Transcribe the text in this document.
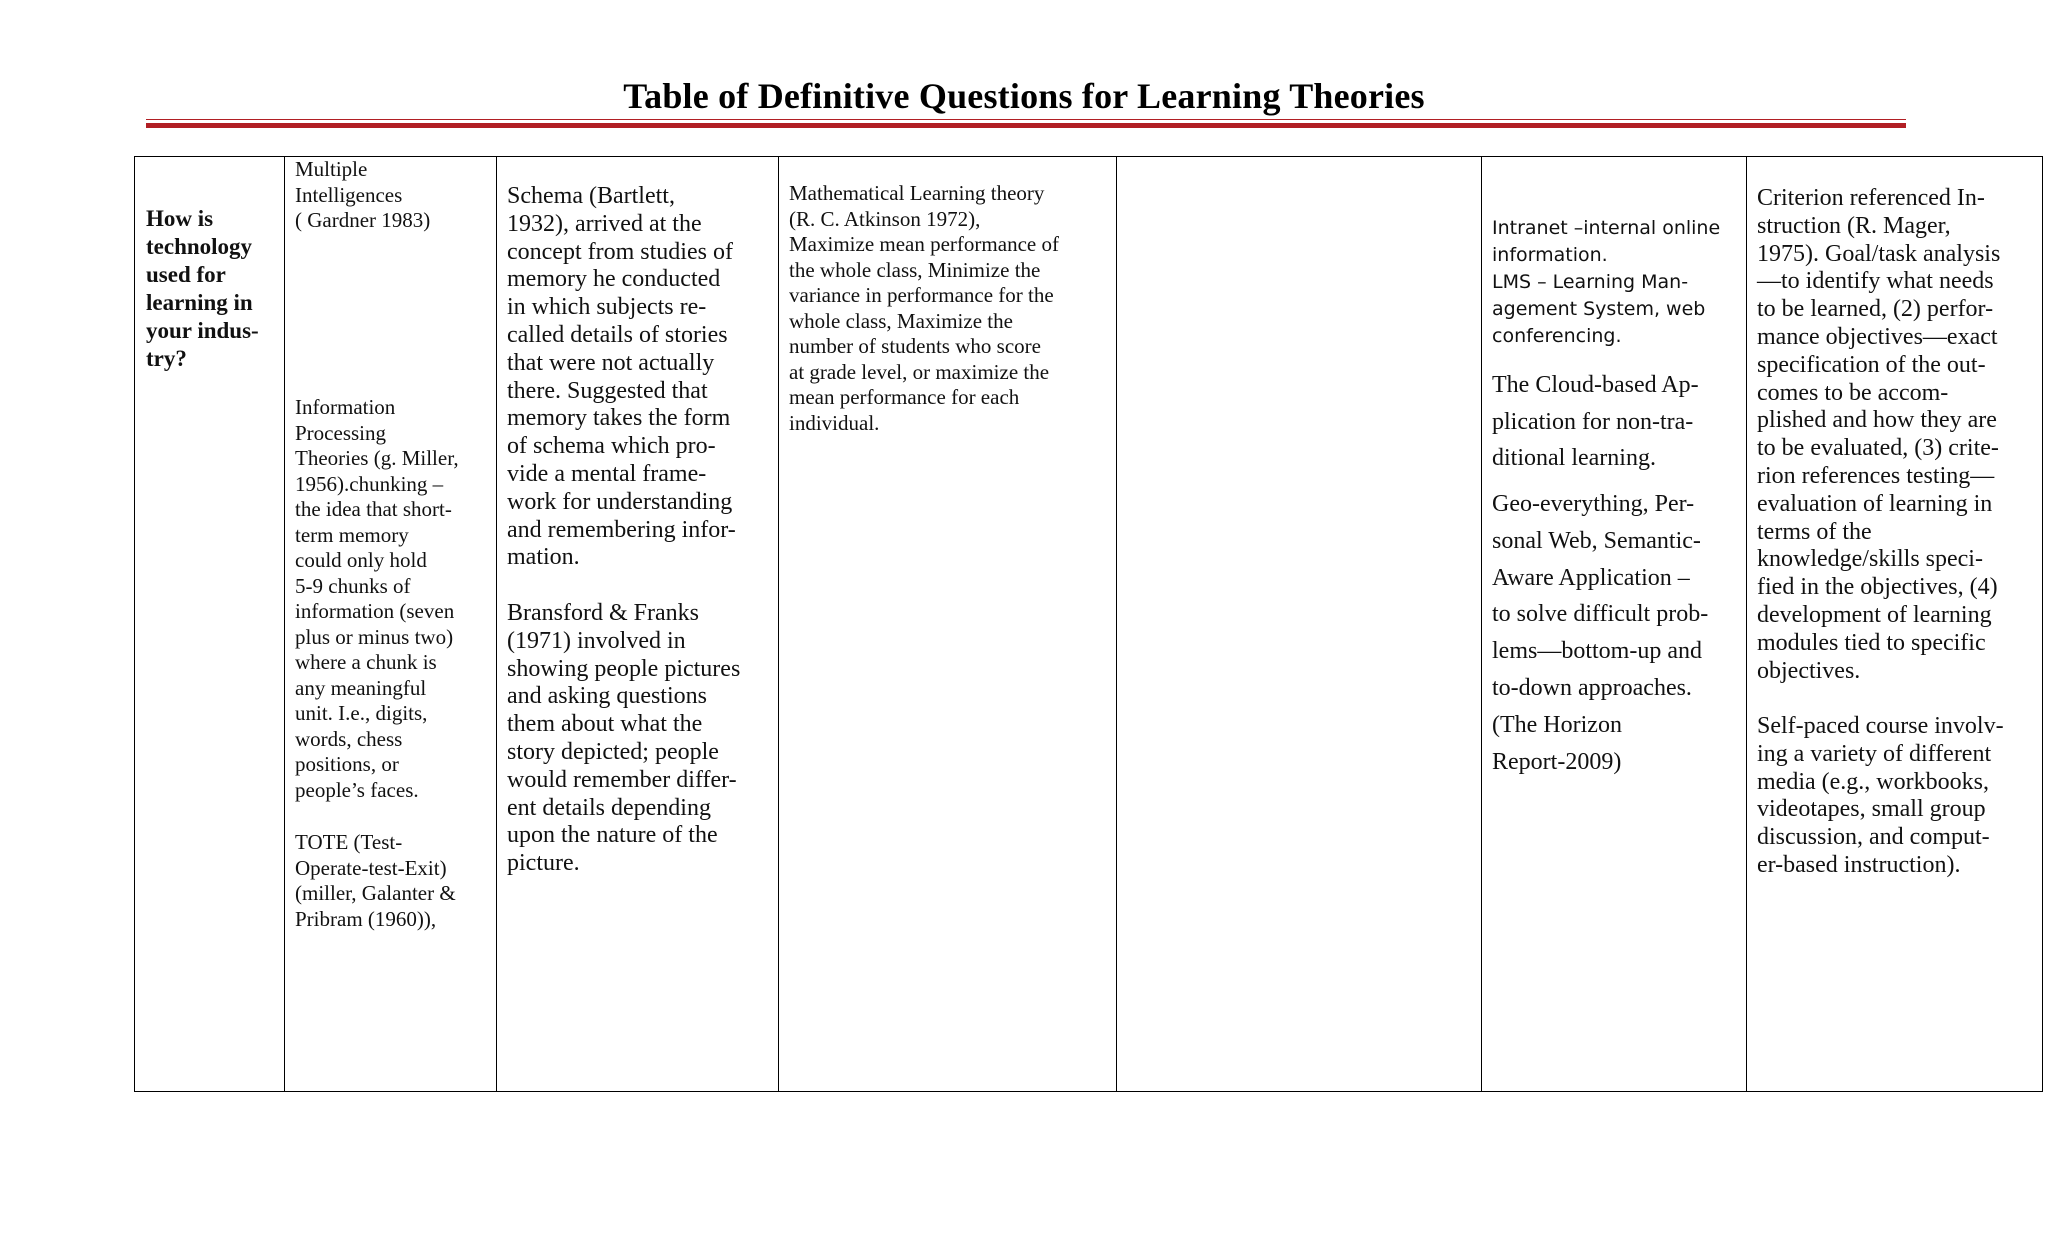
Table of Definitive Questions for Learning Theories

How is
technology
used for
learning in
your indus-
try?

Multiple
Intelligences
( Gardner 1983)

Information
Processing
Theories (g. Miller,
1956).chunking –
the idea that short-
term memory
could only hold
5-9 chunks of
information (seven
plus or minus two)
where a chunk is
any meaningful
unit. I.e., digits,
words, chess
positions, or
people’s faces.

TOTE (Test-
Operate-test-Exit)
(miller, Galanter &
Pribram (1960)),

Schema (Bartlett,
1932), arrived at the
concept from studies of
memory he conducted
in which subjects re-
called details of stories
that were not actually
there. Suggested that
memory takes the form
of schema which pro-
vide a mental frame-
work for understanding
and remembering infor-
mation.

Bransford & Franks
(1971) involved in
showing people pictures
and asking questions
them about what the
story depicted; people
would remember differ-
ent details depending
upon the nature of the
picture.

Mathematical Learning theory
(R. C. Atkinson 1972),
Maximize mean performance of
the whole class, Minimize the
variance in performance for the
whole class, Maximize the
number of students who score
at grade level, or maximize the
mean performance for each
individual.

Intranet –internal online
information.
LMS – Learning Man-
agement System, web
conferencing.

The Cloud-based Ap-
plication for non-tra-
ditional learning.

Geo-everything, Per-
sonal Web, Semantic-
Aware Application –
to solve difficult prob-
lems—bottom-up and
to-down approaches.
(The Horizon
Report-2009)

Criterion referenced In-
struction (R. Mager,
1975). Goal/task analysis
—to identify what needs
to be learned, (2) perfor-
mance objectives—exact
specification of the out-
comes to be accom-
plished and how they are
to be evaluated, (3) crite-
rion references testing—
evaluation of learning in
terms of the
knowledge/skills speci-
fied in the objectives, (4)
development of learning
modules tied to specific
objectives.

Self-paced course involv-
ing a variety of different
media (e.g., workbooks,
videotapes, small group
discussion, and comput-
er-based instruction).
